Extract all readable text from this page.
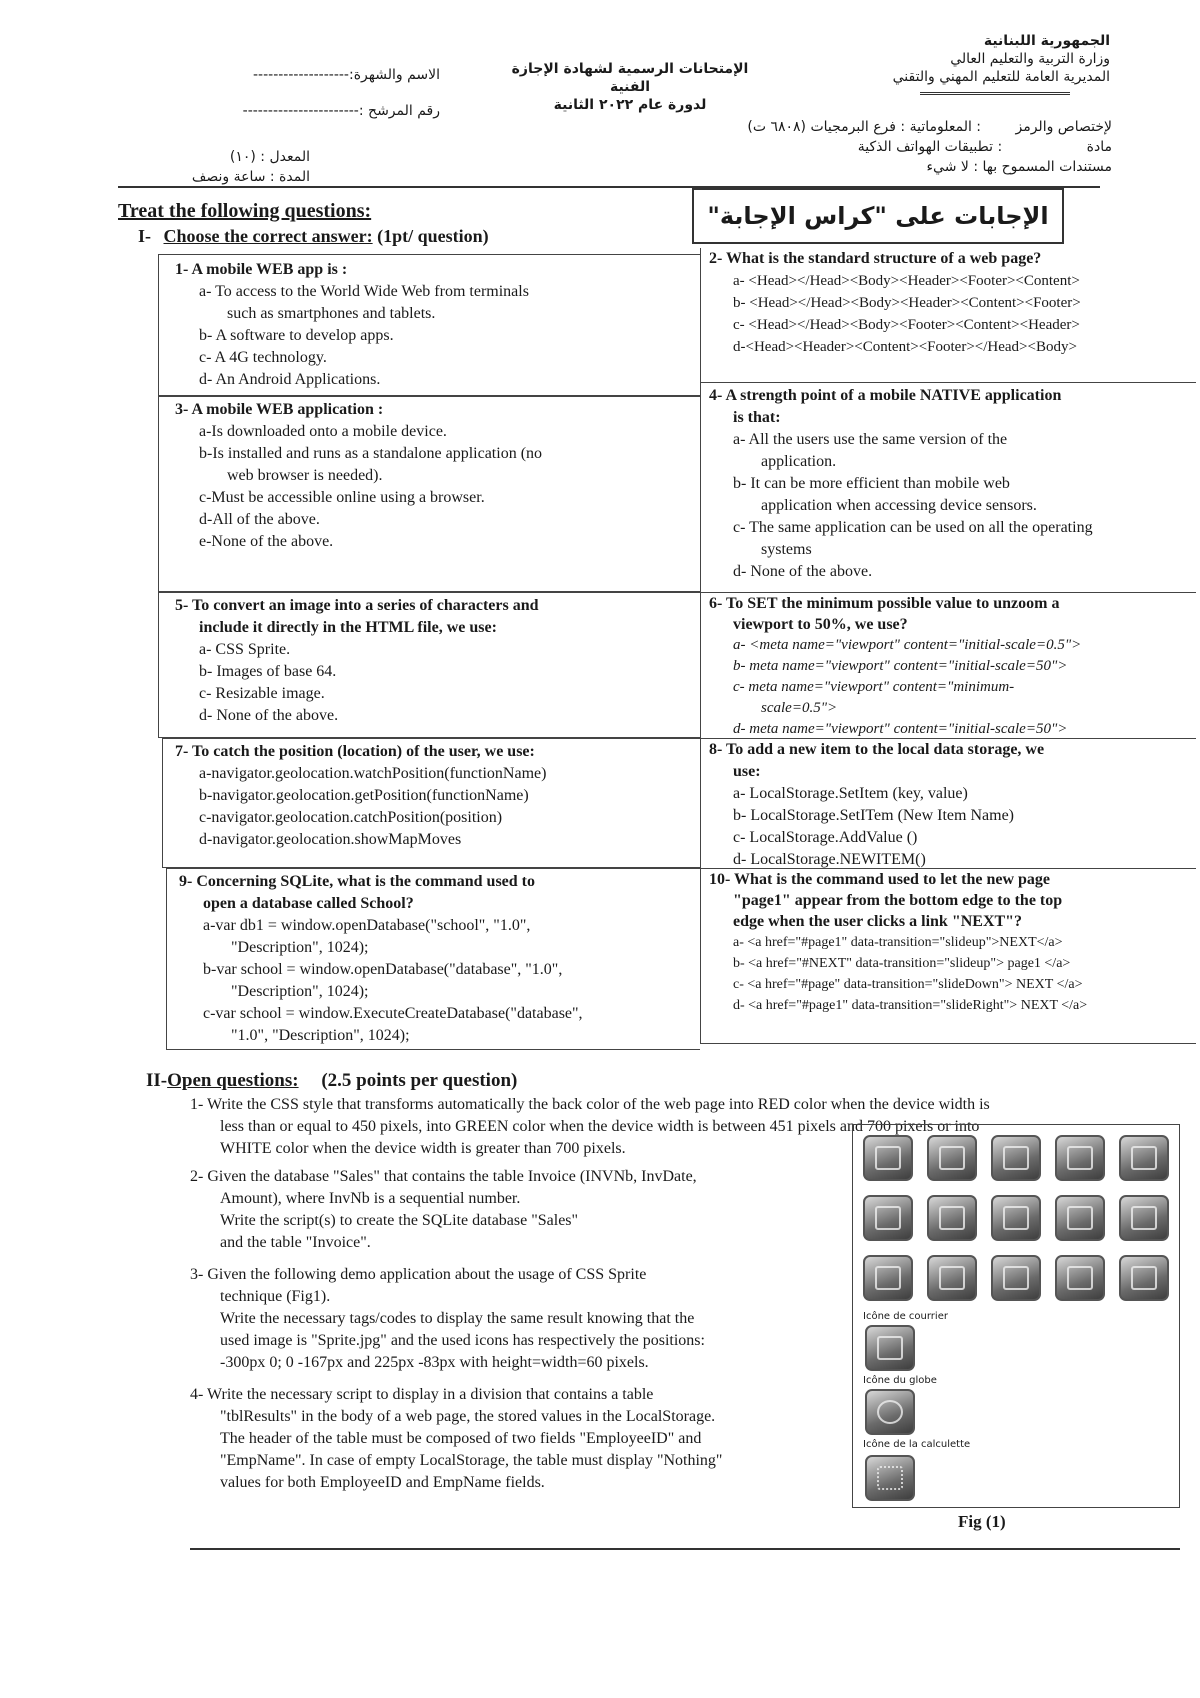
الجمهورية اللبنانية
وزارة التربية والتعليم العالي
المديرية العامة للتعليم المهني والتقني
الإمتحانات الرسمية لشهادة الإجازة الفنية
لدورة عام ٢٠٢٢ الثانية
الاسم والشهرة:-------------------
رقم المرشح :-----------------------
لإختصاص والرمز : المعلوماتية : فرع البرمجيات (٦٨٠٨ ت)
مادة : تطبيقات الهواتف الذكية
مستندات المسموح بها : لا شيء
المعدل : (١٠)
المدة : ساعة ونصف
الإجابات على "كراس الإجابة"
Treat the following questions:
I- Choose the correct answer: (1pt/ question)
1- A mobile WEB app is :
a- To access to the World Wide Web from terminals
such as smartphones and tablets.
b- A software to develop apps.
c- A 4G technology.
d- An Android Applications.
2- What is the standard structure of a web page?
a- <Head></Head><Body><Header><Footer><Content>
b- <Head></Head><Body><Header><Content><Footer>
c- <Head></Head><Body><Footer><Content><Header>
d-<Head><Header><Content><Footer></Head><Body>
3- A mobile WEB application :
a-Is downloaded onto a mobile device.
b-Is installed and runs as a standalone application (no
web browser is needed).
c-Must be accessible online using a browser.
d-All of the above.
e-None of the above.
4- A strength point of a mobile NATIVE application
is that:
a- All the users use the same version of the
application.
b- It can be more efficient than mobile web
application when accessing device sensors.
c- The same application can be used on all the operating
systems
d- None of the above.
5- To convert an image into a series of characters and
include it directly in the HTML file, we use:
a- CSS Sprite.
b- Images of base 64.
c- Resizable image.
d- None of the above.
6- To SET the minimum possible value to unzoom a
viewport to 50%, we use?
a- <meta name="viewport" content="initial-scale=0.5">
b- meta name="viewport" content="initial-scale=50">
c- meta name="viewport" content="minimum-
scale=0.5">
d- meta name="viewport" content="initial-scale=50">
7- To catch the position (location) of the user, we use:
a-navigator.geolocation.watchPosition(functionName)
b-navigator.geolocation.getPosition(functionName)
c-navigator.geolocation.catchPosition(position)
d-navigator.geolocation.showMapMoves
8- To add a new item to the local data storage, we
use:
a- LocalStorage.SetItem (key, value)
b- LocalStorage.SetITem (New Item Name)
c- LocalStorage.AddValue ()
d- LocalStorage.NEWITEM()
9- Concerning SQLite, what is the command used to
open a database called School?
a-var db1 = window.openDatabase("school", "1.0",
"Description", 1024);
b-var school = window.openDatabase("database", "1.0",
"Description", 1024);
c-var school = window.ExecuteCreateDatabase("database",
"1.0", "Description", 1024);
10- What is the command used to let the new page
"page1" appear from the bottom edge to the top
edge when the user clicks a link "NEXT"?
a- <a href="#page1" data-transition="slideup">NEXT</a>
b- <a href="#NEXT" data-transition="slideup"> page1 </a>
c- <a href="#page" data-transition="slideDown"> NEXT </a>
d- <a href="#page1" data-transition="slideRight"> NEXT </a>
II-Open questions: (2.5 points per question)
1- Write the CSS style that transforms automatically the back color of the web page into RED color when the device width is
less than or equal to 450 pixels, into GREEN color when the device width is between 451 pixels and 700 pixels or into
WHITE color when the device width is greater than 700 pixels.
2- Given the database "Sales" that contains the table Invoice (INVNb, InvDate,
Amount), where InvNb is a sequential number.
Write the script(s) to create the SQLite database "Sales"
and the table "Invoice".
3- Given the following demo application about the usage of CSS Sprite
technique (Fig1).
Write the necessary tags/codes to display the same result knowing that the
used image is "Sprite.jpg" and the used icons has respectively the positions:
-300px 0; 0 -167px and 225px -83px with height=width=60 pixels.
4- Write the necessary script to display in a division that contains a table
"tblResults" in the body of a web page, the stored values in the LocalStorage.
The header of the table must be composed of two fields "EmployeeID" and
"EmpName". In case of empty LocalStorage, the table must display "Nothing"
values for both EmployeeID and EmpName fields.
Icône de courrier
Icône du globe
Icône de la calculette
Fig (1)
